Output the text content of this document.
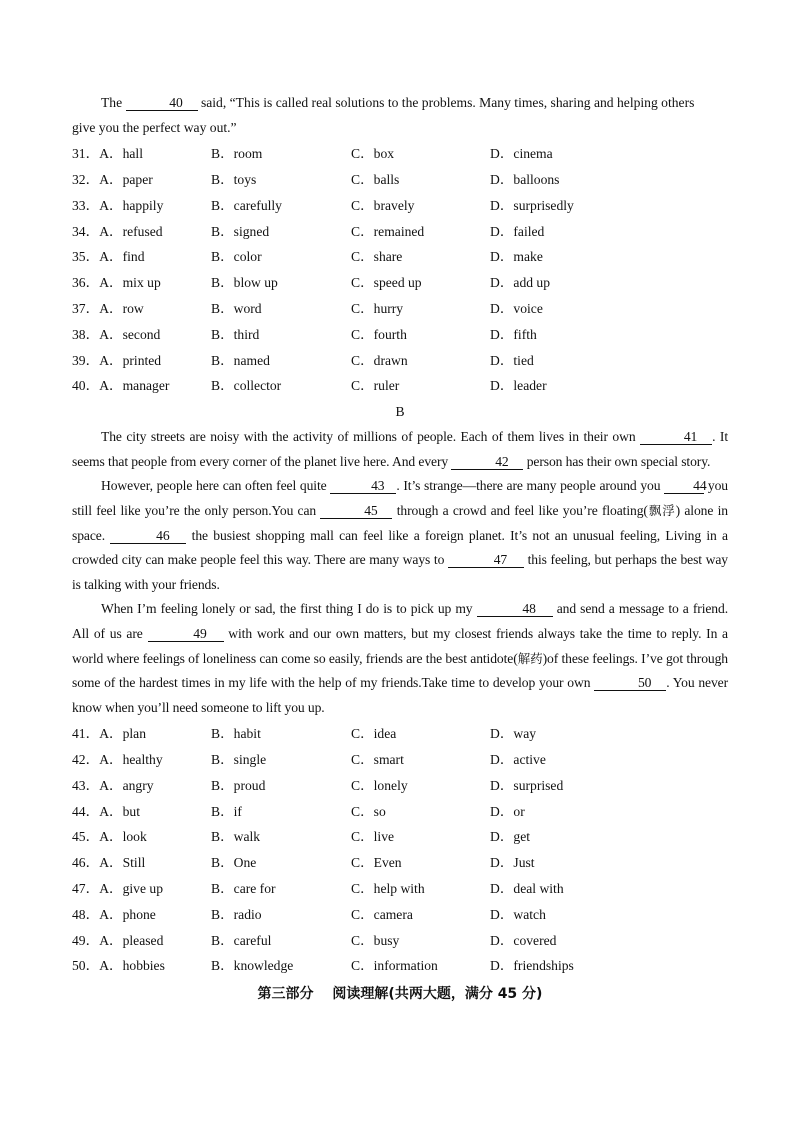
The	40 said, “This is called real solutions to the problems. Many times, sharing and helping others
give you the perfect way out.”
31．A．hall	B．room	C．box	D．cinema
32．A．paper	B．toys	C．balls	D．balloons
33．A．happily	B．carefully	C．bravely	D．surprisedly
34．A．refused	B．signed	C．remained	D．failed
35．A．find	B．color	C．share	D．make
36．A．mix up	B．blow up	C．speed up	D．add up
37．A．row	B．word	C．hurry	D．voice
38．A．second	B．third	C．fourth	D．fifth
39．A．printed	B．named	C．drawn	D．tied
40．A．manager	B．collector	C．ruler	D．leader
B
The city streets are noisy with the activity of millions of people. Each of them lives in their own	41 . It seems that people from every corner of the planet live here. And every	42 person has their own special story.
However, people here can often feel quite	43 . It’s strange—there are many people around you 44 you still feel like you’re the only person.You can	45 through a crowd and feel like you’re floating(飘浮) alone in space.	46 the busiest shopping mall can feel like a foreign planet. It’s not an unusual feeling, Living in a crowded city can make people feel this way. There are many ways to	47 this feeling, but perhaps the best way is talking with your friends.
When I’m feeling lonely or sad, the first thing I do is to pick up my	48 and send a message to a friend. All of us are	49 with work and our own matters, but my closest friends always take the time to reply. In a world where feelings of loneliness can come so easily, friends are the best antidote(解药)of these feelings. I’ve got through some of the hardest times in my life with the help of my friends.Take time to develop your own	50 . You never know when you’ll need someone to lift you up.
41．A．plan	B．habit	C．idea	D．way
42．A．healthy	B．single	C．smart	D．active
43．A．angry	B．proud	C．lonely	D．surprised
44．A．but	B．if	C．so	D．or
45．A．look	B．walk	C．live	D．get
46．A．Still	B．One	C．Even	D．Just
47．A．give up	B．care for	C．help with	D．deal with
48．A．phone	B．radio	C．camera	D．watch
49．A．pleased	B．careful	C．busy	D．covered
50．A．hobbies	B．knowledge	C．information	D．friendships
第三部分　 阅读理解(共两大题，满分 45 分)
